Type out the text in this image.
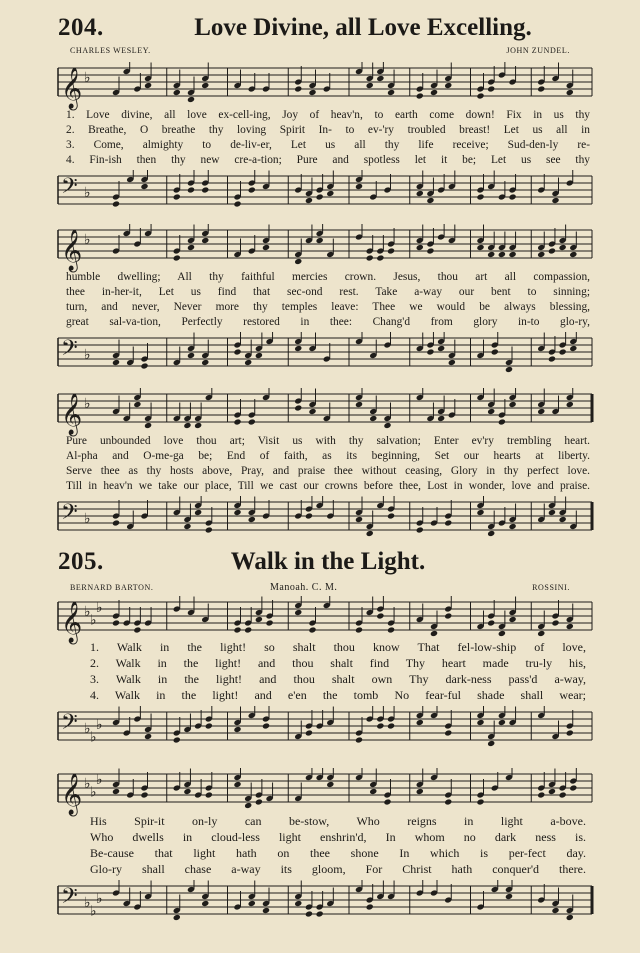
204.	Love Divine, all Love Excelling.
CHARLES WESLEY.	JOHN ZUNDEL.
𝄞 ♭
1. Love divine, all love ex-cell-ing, Joy of heav'n, to earth come down! Fix in us thy
2. Breathe, O breathe thy loving Spirit In- to ev-'ry troubled breast! Let us all in
3. Come, almighty to de-liv-er, Let us all thy life receive; Sud-den-ly re-
4. Fin-ish then thy new cre-a-tion; Pure and spotless let it be; Let us see thy
𝄢 ♭
𝄞 ♭
humble dwelling; All thy faithful mercies crown. Jesus, thou art all compassion,
thee in-her-it, Let us find that sec-ond rest. Take a-way our bent to sinning;
turn, and never, Never more thy temples leave: Thee we would be always blessing,
great sal-va-tion, Perfectly restored in thee: Chang'd from glory in-to glo-ry,
𝄢 ♭
𝄞 ♭
Pure unbounded love thou art; Visit us with thy salvation; Enter ev'ry trembling heart.
Al-pha and O-me-ga be; End of faith, as its beginning, Set our hearts at liberty.
Serve thee as thy hosts above, Pray, and praise thee without ceasing, Glory in thy perfect love.
Till in heav'n we take our place, Till we cast our crowns before thee, Lost in wonder, love and praise.
𝄢 ♭
205.	Walk in the Light.
BERNARD BARTON.	Manoah. C. M.	ROSSINI.
𝄞 ♭
♭
♭
1. Walk in the light! so shalt thou know That fel-low-ship of love,
2. Walk in the light! and thou shalt find Thy heart made tru-ly his,
3. Walk in the light! and thou shalt own Thy dark-ness pass'd a-way,
4. Walk in the light! and e'en the tomb No fear-ful shade shall wear;
𝄢 ♭
♭
♭
𝄞 ♭
♭
♭
His Spir-it on-ly can be-stow, Who reigns in light a-bove.
Who dwells in cloud-less light enshrin'd, In whom no dark ness is.
Be-cause that light hath on thee shone In which is per-fect day.
Glo-ry shall chase a-way its gloom, For Christ hath conquer'd there.
𝄢 ♭
♭
♭
